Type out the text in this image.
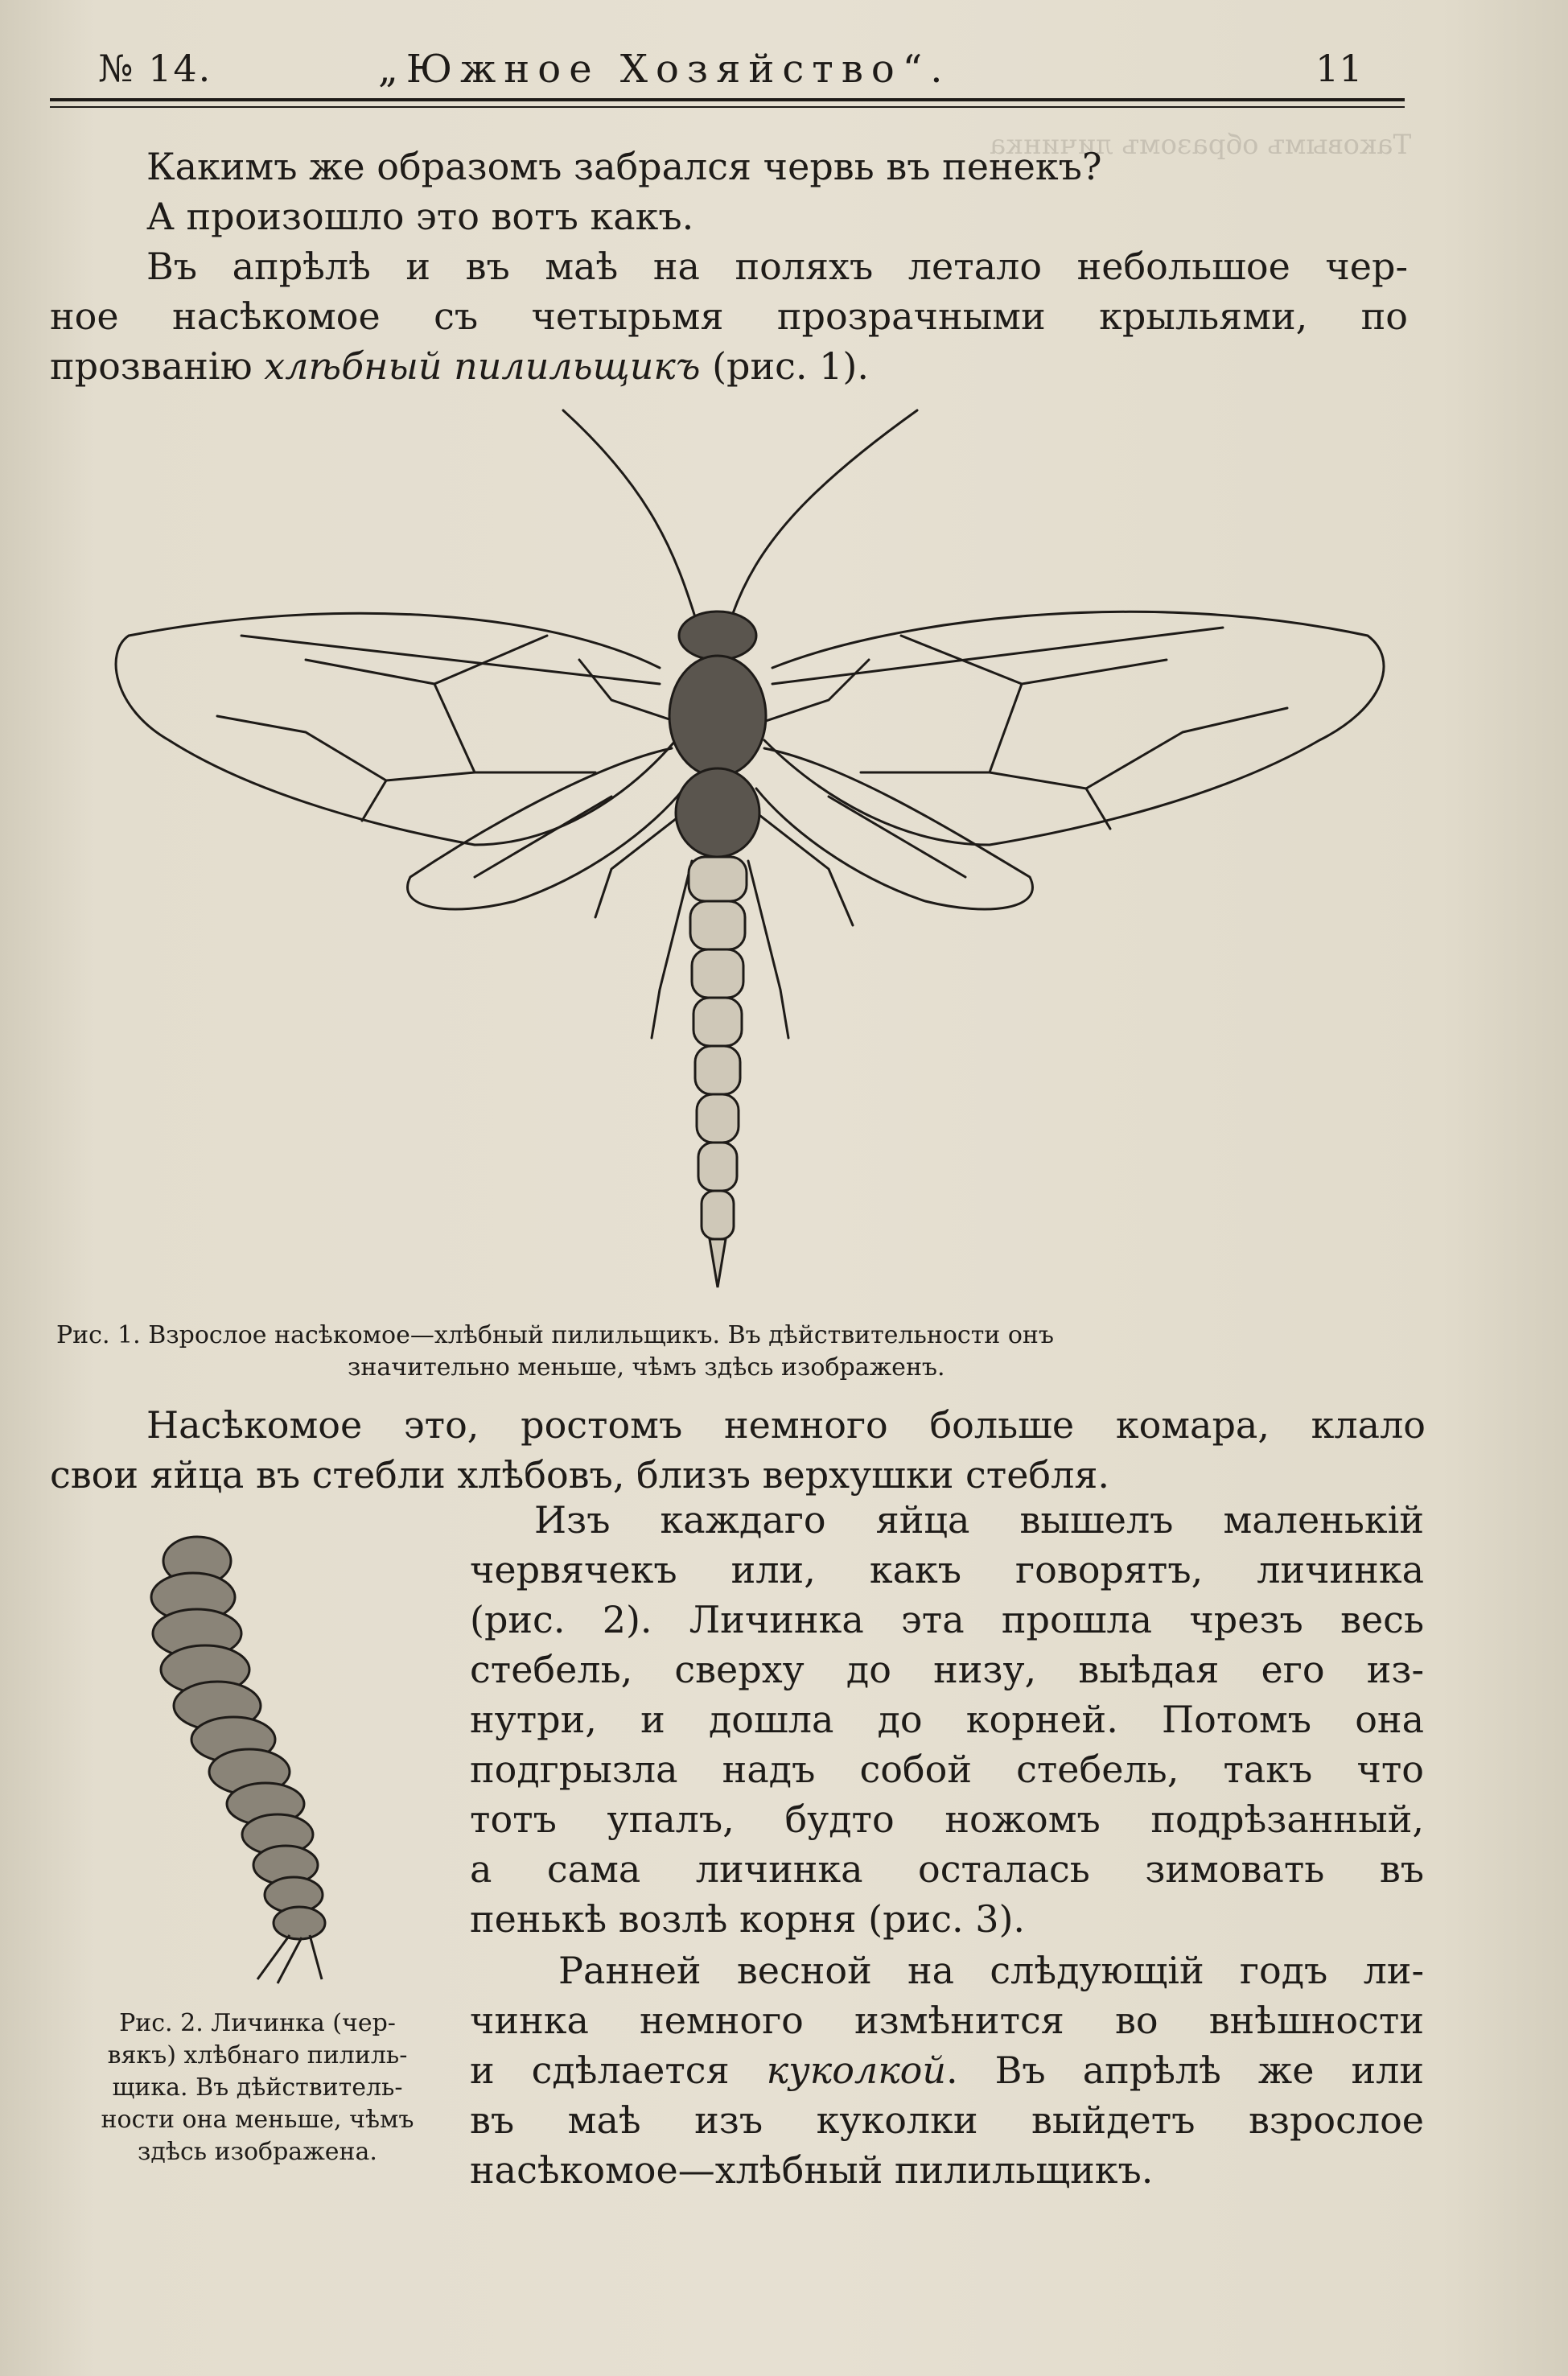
Таковымъ образомъ личинка
№ 14.	„Южное Хозяйство“.	11
Какимъ же образомъ забрался червь въ пенекъ?
А произошло это вотъ какъ.
Въ апрѣлѣ и въ маѣ на поляхъ летало небольшое чер-
ное насѣкомое съ четырьмя прозрачными крыльями, по
прозванію хлѣбный пилильщикъ (рис. 1).
Рис. 1. Взрослое насѣкомое—хлѣбный пилильщикъ. Въ дѣйствительности онъ
значительно меньше, чѣмъ здѣсь изображенъ.
Насѣкомое это, ростомъ немного больше комара, клало
свои яйца въ стебли хлѣбовъ, близъ верхушки стебля.
Рис. 2. Личинка (чер-
вякъ) хлѣбнаго пилиль-
щика. Въ дѣйствитель-
ности она меньше, чѣмъ
здѣсь изображена.
Изъ каждаго яйца вышелъ маленькій
червячекъ или, какъ говорятъ, личинка
(рис. 2). Личинка эта прошла чрезъ весь
стебель, сверху до низу, выѣдая его из-
нутри, и дошла до корней. Потомъ она
подгрызла надъ собой стебель, такъ что
тотъ упалъ, будто ножомъ подрѣзанный,
а сама личинка осталась зимовать въ
пенькѣ возлѣ корня (рис. 3).
Ранней весной на слѣдующій годъ ли-
чинка немного измѣнится во внѣшности
и сдѣлается куколкой. Въ апрѣлѣ же или
въ маѣ изъ куколки выйдетъ взрослое
насѣкомое—хлѣбный пилильщикъ.
